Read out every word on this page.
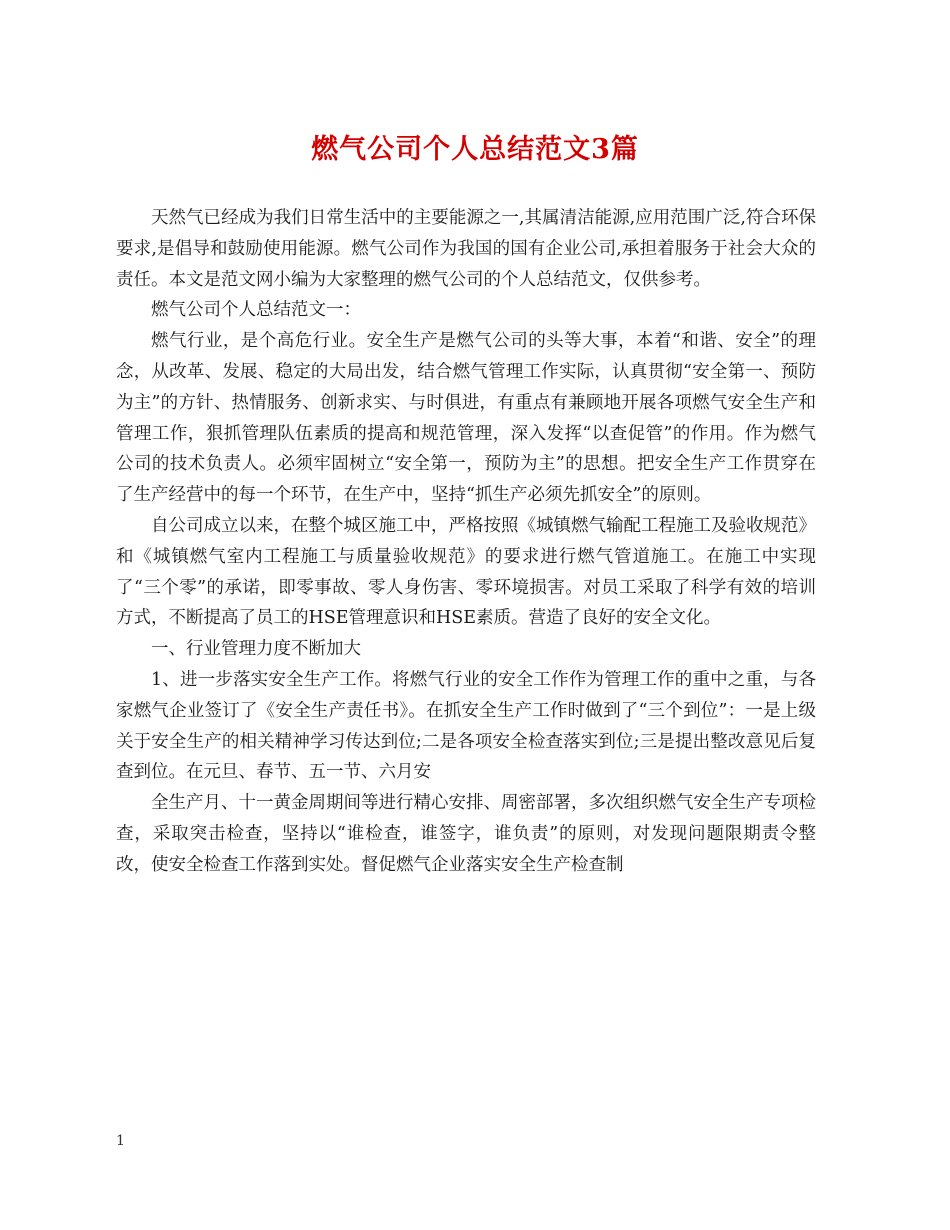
燃气公司个人总结范文3篇

天然气已经成为我们日常生活中的主要能源之一,其属清洁能源,应用范围广泛,符合环保要求,是倡导和鼓励使用能源。燃气公司作为我国的国有企业公司,承担着服务于社会大众的责任。本文是范文网小编为大家整理的燃气公司的个人总结范文，仅供参考。

燃气公司个人总结范文一：

燃气行业，是个高危行业。安全生产是燃气公司的头等大事，本着“和谐、安全”的理念，从改革、发展、稳定的大局出发，结合燃气管理工作实际，认真贯彻“安全第一、预防为主”的方针、热情服务、创新求实、与时俱进，有重点有兼顾地开展各项燃气安全生产和管理工作，狠抓管理队伍素质的提高和规范管理，深入发挥“以查促管”的作用。作为燃气公司的技术负责人。必须牢固树立“安全第一，预防为主”的思想。把安全生产工作贯穿在了生产经营中的每一个环节，在生产中，坚持“抓生产必须先抓安全”的原则。

自公司成立以来，在整个城区施工中，严格按照《城镇燃气输配工程施工及验收规范》和《城镇燃气室内工程施工与质量验收规范》的要求进行燃气管道施工。在施工中实现了“三个零”的承诺，即零事故、零人身伤害、零环境损害。对员工采取了科学有效的培训方式，不断提高了员工的HSE管理意识和HSE素质。营造了良好的安全文化。

一、行业管理力度不断加大

1、进一步落实安全生产工作。将燃气行业的安全工作作为管理工作的重中之重，与各家燃气企业签订了《安全生产责任书》。在抓安全生产工作时做到了“三个到位”：一是上级关于安全生产的相关精神学习传达到位;二是各项安全检查落实到位;三是提出整改意见后复查到位。在元旦、春节、五一节、六月安

全生产月、十一黄金周期间等进行精心安排、周密部署，多次组织燃气安全生产专项检查，采取突击检查，坚持以“谁检查，谁签字，谁负责”的原则，对发现问题限期责令整改，使安全检查工作落到实处。督促燃气企业落实安全生产检查制

1
